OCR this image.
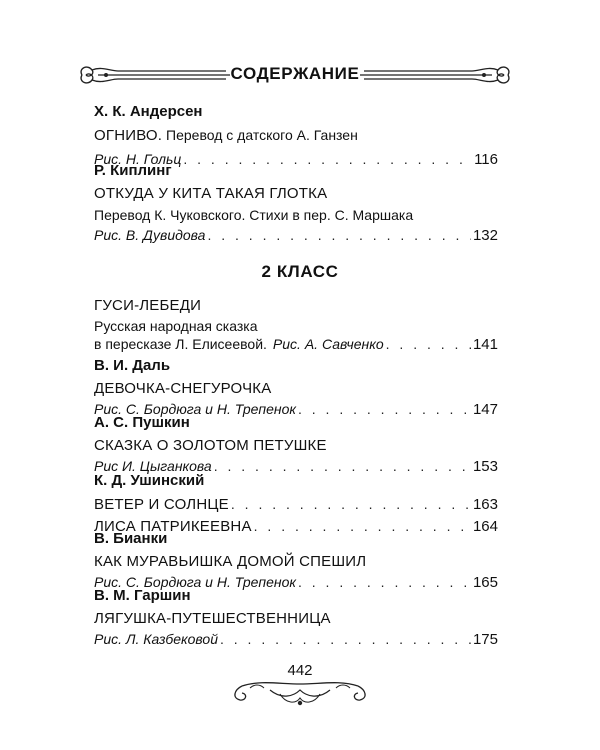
СОДЕРЖАНИЕ

Х. К. Андерсен

ОГНИВО. Перевод с датского А. Ганзен

Рис. Н. Гольц . . .	116

Р. Киплинг

ОТКУДА У КИТА ТАКАЯ ГЛОТКА

Перевод К. Чуковского. Стихи в пер. С. Маршака

Рис. В. Дувидова . . .	132
2 КЛАСС

ГУСИ-ЛЕБЕДИ

Русская народная сказка

в пересказе Л. Елисеевой. Рис. А. Савченко . . .	141

В. И. Даль

ДЕВОЧКА-СНЕГУРОЧКА

Рис. С. Бордюга и Н. Трепенок . . .	147

А. С. Пушкин

СКАЗКА О ЗОЛОТОМ ПЕТУШКЕ

Рис И. Цыганкова . . .	153

К. Д. Ушинский

ВЕТЕР И СОЛНЦЕ . . .	163
ЛИСА ПАТРИКЕЕВНА . . .	164

В. Бианки

КАК МУРАВЬИШКА ДОМОЙ СПЕШИЛ

Рис. С. Бордюга и Н. Трепенок . . .	165

В. М. Гаршин

ЛЯГУШКА-ПУТЕШЕСТВЕННИЦА

Рис. Л. Казбековой . . .	175
442
